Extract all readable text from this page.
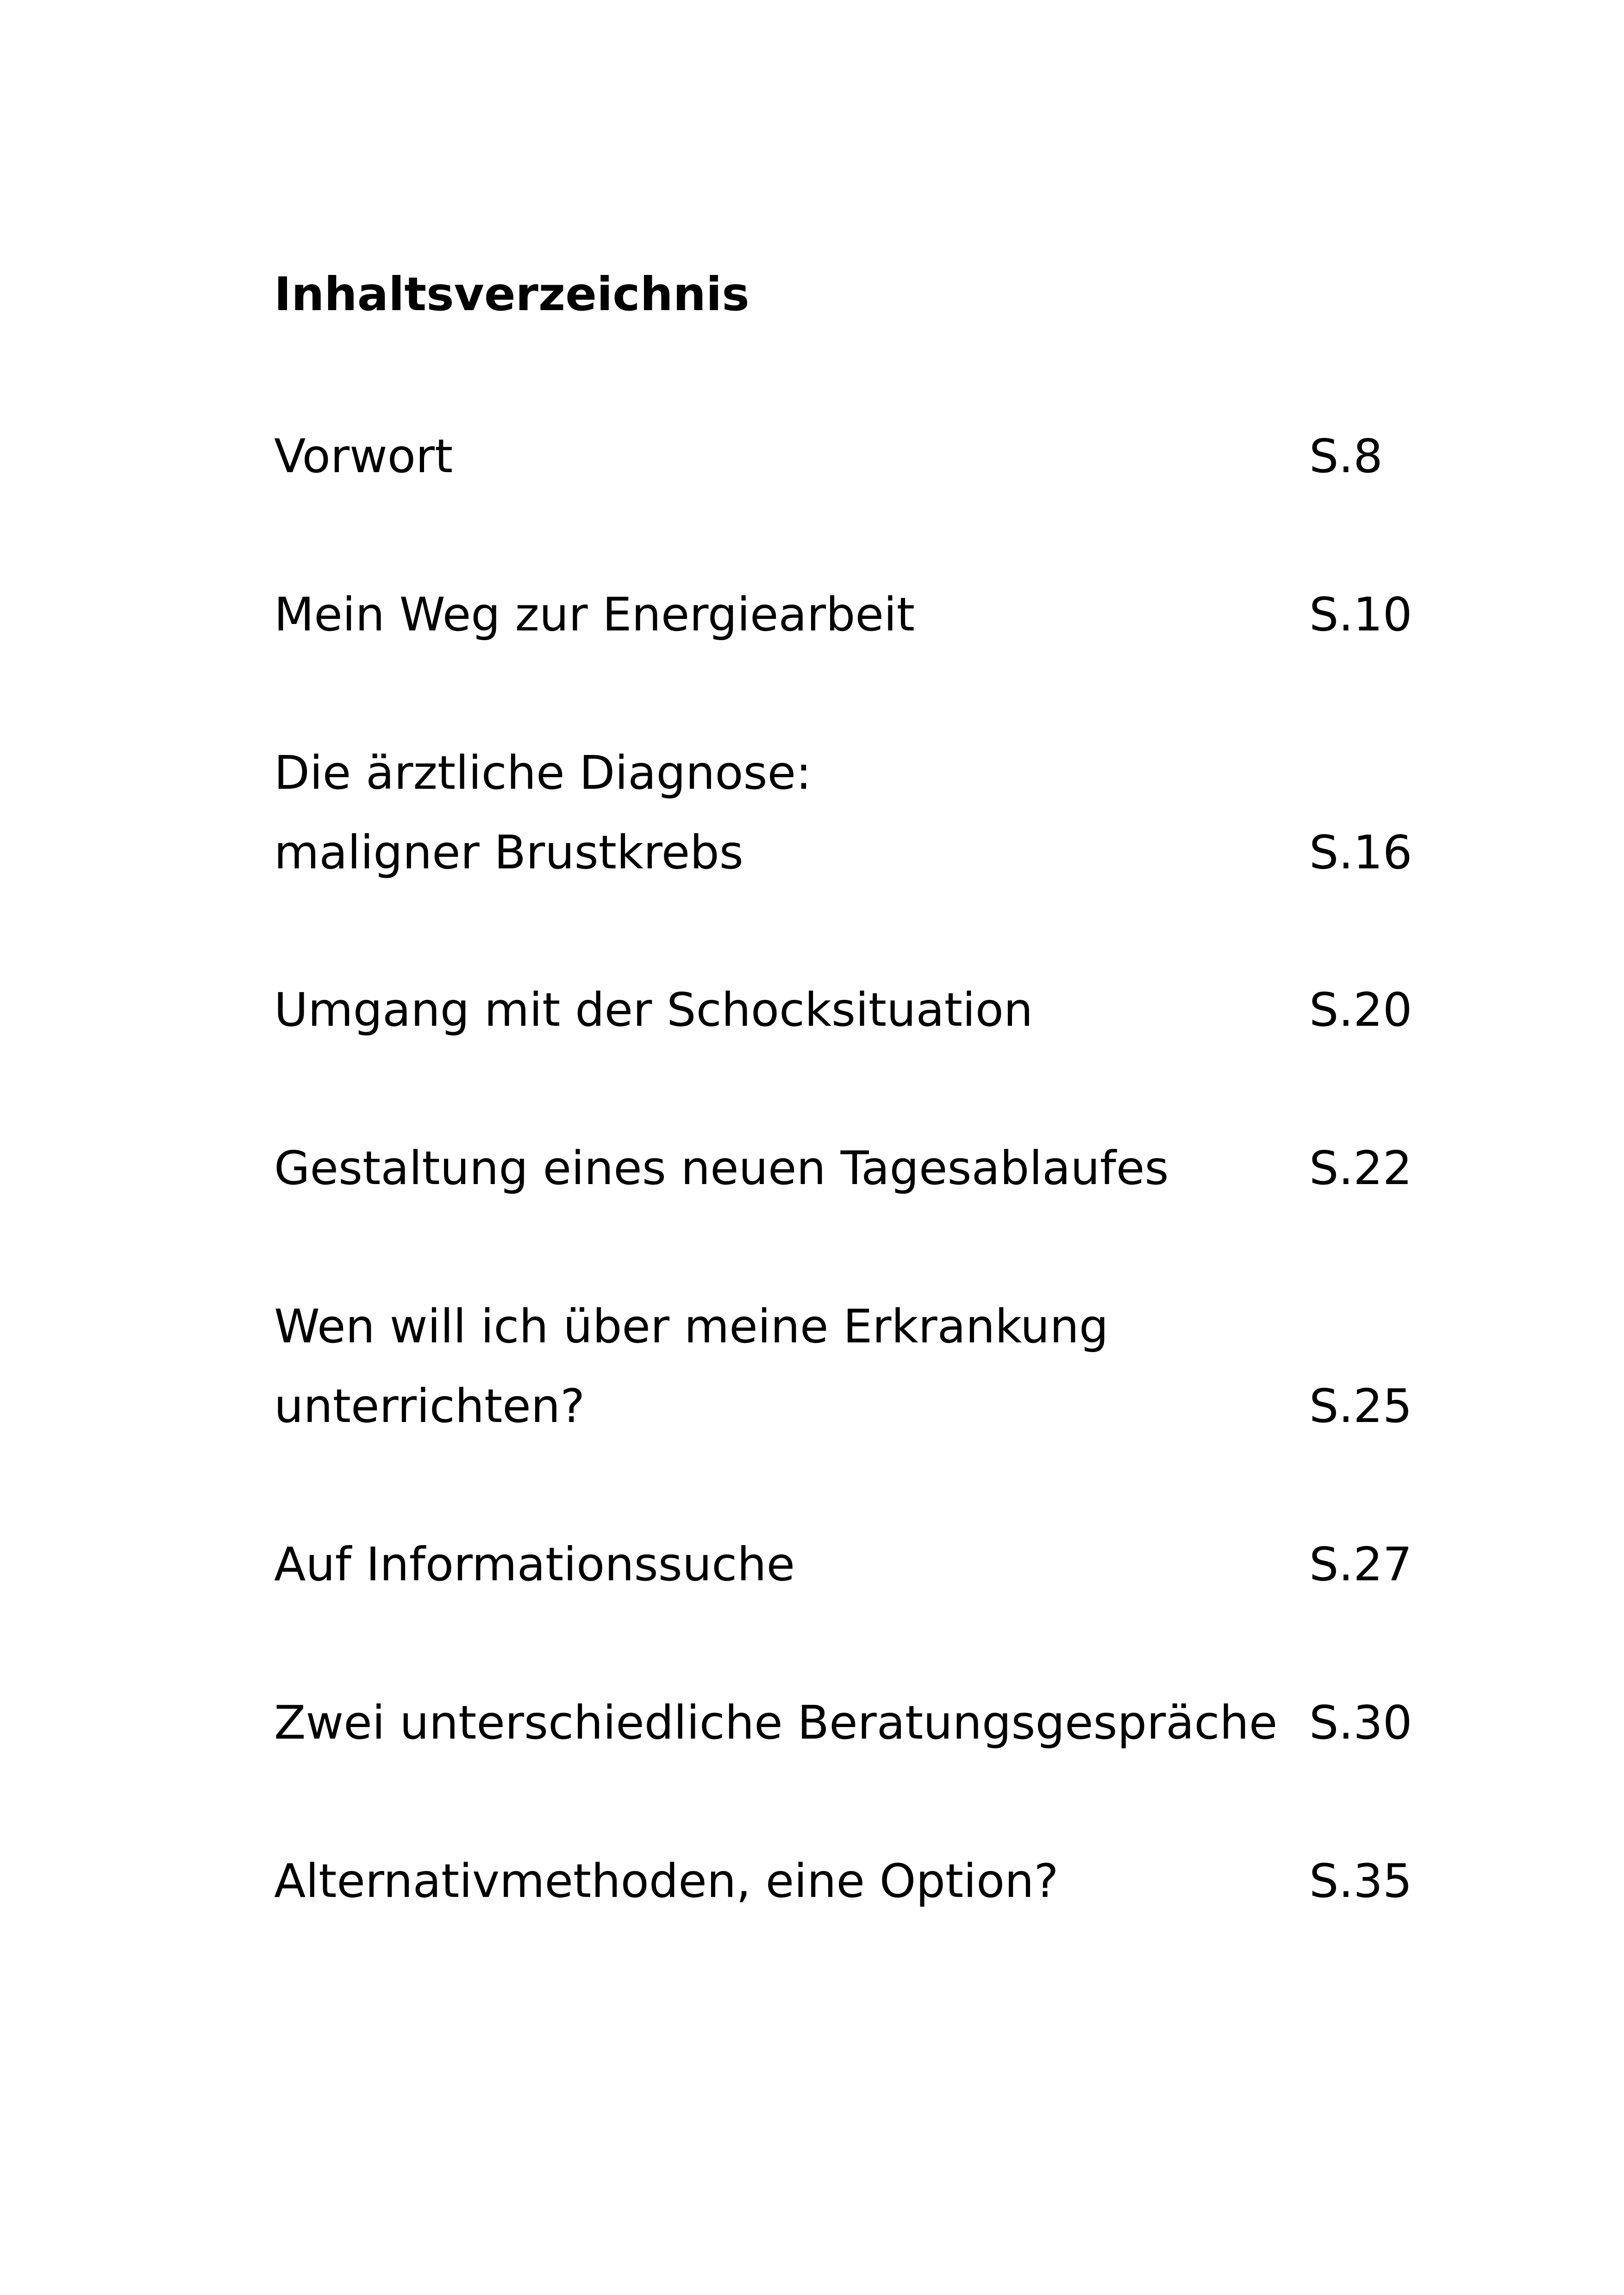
Inhaltsverzeichnis
Vorwort	S.8
Mein Weg zur Energiearbeit	S.10
Die ärztliche Diagnose:
maligner Brustkrebs	S.16
Umgang mit der Schocksituation	S.20
Gestaltung eines neuen Tagesablaufes	S.22
Wen will ich über meine Erkrankung
unterrichten?	S.25
Auf Informationssuche	S.27
Zwei unterschiedliche Beratungsgespräche S.30
Alternativmethoden, eine Option?	S.35
